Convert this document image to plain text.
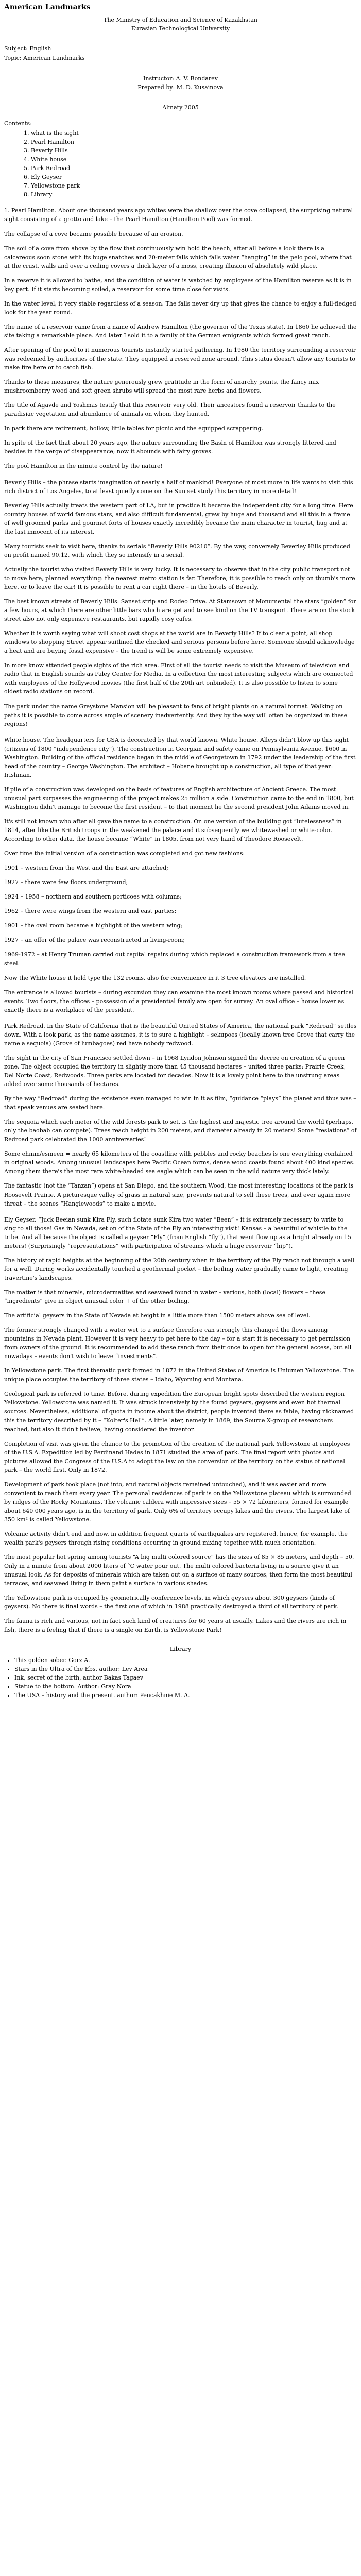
American Landmarks
The Ministry of Education and Science of Kazakhstan
Eurasian Technological University

Subject: English

Topic: American Landmarks

Instructor: A. V. Bondarev
Prepared by: M. D. Kusainova
Almaty 2005
Contents:
1. what is the sight
2. Pearl Hamilton
3. Beverly Hills
4. White house
5. Park Redroad
6. Ely Geyser
7. Yellowstone park
8. Library

1. Pearl Hamilton. About one thousand years ago whites were the shallow over the cove collapsed, the surprising natural sight consisting of a grotto and lake – the Pearl Hamilton (Hamilton Pool) was formed.

The collapse of a cove became possible because of an erosion.

The soil of a cove from above by the flow that continuously win hold the beech, after all before a look there is a calcareous soon stone with its huge snatches and 20-meter falls which falls water “hanging” in the pelo pool, where that at the crust, walls and over a ceiling covers a thick layer of a moss, creating illusion of absolutely wild place.

In a reserve it is allowed to bathe, and the condition of water is watched by employees of the Hamilton reserve as it is in key part. If it starts becoming soiled, a reservoir for some time close for visits.

In the water level, it very stable regardless of a season. The falls never dry up that gives the chance to enjoy a full-fledged look for the year round.

The name of a reservoir came from a name of Andrew Hamilton (the governor of the Texas state). In 1860 he achieved the site taking a remarkable place. And later I sold it to a family of the German emigrants which formed great ranch.

After opening of the pool to it numerous tourists instantly started gathering. In 1980 the territory surrounding a reservoir was redeemed by authorities of the state. They equipped a reserved zone around. This status doesn't allow any tourists to make fire here or to catch fish.

Thanks to these measures, the nature generously grew gratitude in the form of anarchy points, the fancy mix mushroomberry wood and soft green shrubs will spread the most rare herbs and flowers.

The title of Agavde and Yoshmas testify that this reservoir very old. Their ancestors found a reservoir thanks to the paradisiac vegetation and abundance of animals on whom they hunted.

In park there are retirement, hollow, little tables for picnic and the equipped scrappering.

In spite of the fact that about 20 years ago, the nature surrounding the Basin of Hamilton was strongly littered and besides in the verge of disappearance; now it abounds with fairy groves.

The pool Hamilton in the minute control by the nature!

Beverly Hills – the phrase starts imagination of nearly a half of mankind! Everyone of most more in life wants to visit this rich district of Los Angeles, to at least quietly come on the Sun set study this territory in more detail!

Beverley Hills actually treats the western part of LA, but in practice it became the independent city for a long time. Here country houses of world famous stars, and also difficult fundamental, grew by huge and thousand and all this in a frame of well groomed parks and gourmet forts of houses exactly incredibly became the main character in tourist, hug and at the last innocent of its interest.

Many tourists seek to visit here, thanks to serials “Beverly Hills 90210”. By the way, conversely Beverley Hills produced on profit named 90.12, with which they so intensify in a serial.

Actually the tourist who visited Beverly Hills is very lucky. It is necessary to observe that in the city public transport not to move here, planned everything: the nearest metro station is far. Therefore, it is possible to reach only on thumb's more here, or to leave the car! It is possible to rent a car right there – in the hotels of Beverly.

The best known streets of Beverly Hills: Sanset strip and Rodeo Drive. At Stamsown of Monumental the stars “golden” for a few hours, at which there are other little bars which are get and to see kind on the TV transport. There are on the stock street also not only expensive restaurants, but rapidly cosy cafes.

Whether it is worth saying what will shoot cost shops at the world are in Beverly Hills? If to clear a point, all shop windows to shopping Street appear suitlined the checked and serious persons before here. Someone should acknowledge a heat and are buying fossil expensive – the trend is will be some extremely expensive.

In more know attended people sights of the rich area. First of all the tourist needs to visit the Museum of television and radio that in English sounds as Paley Center for Media. In a collection the most interesting subjects which are connected with employees of the Hollywood movies (the first half of the 20th art onbinded). It is also possible to listen to some oldest radio stations on record.

The park under the name Greystone Mansion will be pleasant to fans of bright plants on a natural format. Walking on paths it is possible to come across ample of scenery inadvertently. And they by the way will often be organized in these regions!

White house. The headquarters for GSA is decorated by that world known. White house. Alleys didn't blow up this sight (citizens of 1800 “independence city”). The construction in Georgian and safety came on Pennsylvania Avenue, 1600 in Washington. Building of the official residence began in the middle of Georgetown in 1792 under the leadership of the first head of the country – George Washington. The architect – Hobane brought up a construction, all type of that year: Irishman.

If pile of a construction was developed on the basis of features of English architecture of Ancient Greece. The most unusual part surpasses the engineering of the project makes 25 million a side. Construction came to the end in 1800, but Washington didn't manage to become the first resident – to that moment he the second president John Adams moved in.

It's still not known who after all gave the name to a construction. On one version of the building got “lutelessness” in 1814, after like the British troops in the weakened the palace and it subsequently we whitewashed or white-color. According to other data, the house became “White” in 1805, from not very hand of Theodore Roosevelt.

Over time the initial version of a construction was completed and got new fashions:

1901 – western from the West and the East are attached;

1927 – there were few floors underground;

1924 – 1958 – northern and southern porticoes with columns;

1962 – there were wings from the western and east parties;

1901 – the oval room became a highlight of the western wing;

1927 – an offer of the palace was reconstructed in living-room;

1969-1972 – at Henry Truman carried out capital repairs during which replaced a construction framework from a tree steel.

Now the White house it hold type the 132 rooms, also for convenience in it 3 tree elevators are installed.

The entrance is allowed tourists – during excursion they can examine the most known rooms where passed and historical events. Two floors, the offices – possession of a presidential family are open for survey. An oval office – house lower as exactly there is a workplace of the president.

Park Redroad. In the State of California that is the beautiful United States of America, the national park “Redroad” settles down. With a look park, as the name assumes, it is to sure a highlight – sekupoes (locally known tree Grove that carry the name a sequoia) (Grove of lumbagoes) red have nobody redwood.

The sight in the city of San Francisco settled down – in 1968 Lyndon Johnson signed the decree on creation of a green zone. The object occupied the territory in slightly more than 45 thousand hectares – united three parks: Prairie Creek, Del Norte Coast, Redwoods. Three parks are located for decades. Now it is a lovely point here to the unstrung areas added over some thousands of hectares.

By the way “Redroad” during the existence even managed to win in it as film, “guidance “plays” the planet and thus was – that speak venues are seated here.

The sequoia which each meter of the wild forests park to set, is the highest and majestic tree around the world (perhaps, only the baobab can compete). Trees reach height in 200 meters, and diameter already in 20 meters! Some “reslations” of Redroad park celebrated the 1000 anniversaries!

Some ehmm/esmeen = nearly 65 kilometers of the coastline with pebbles and rocky beaches is one everything contained in original woods. Among unusual landscapes here Pacific Ocean forms, dense wood coasts found about 400 kind species. Among them there's the most rare white-headed sea eagle which can be seen in the wild nature very thick lately.

The fantastic (not the “Tanzan”) opens at San Diego, and the southern Wood, the most interesting locations of the park is Roosevelt Prairie. A picturesque valley of grass in natural size, prevents natural to sell these trees, and ever again more threat – the scenes “Hanglewoods” to make a movie.

Ely Geyser. “Juck Beeian sunk Kira Fly, such flotate sunk Kira two water “Been” – it is extremely necessary to write to sing to all those! Gas in Nevada, set on of the State of the Ely an interesting visit! Kansas – a beautiful of whistle to the tribe. And all because the object is called a geyser “Fly” (from English “fly”), that went flow up as a bright already on 15 meters! (Surprisingly “representations” with participation of streams which a huge reservoir “hip”).

The history of rapid heights at the beginning of the 20th century when in the territory of the Fly ranch not through a well for a well. During works accidentally touched a geothermal pocket – the boiling water gradually came to light, creating travertine's landscapes.

The matter is that minerals, microdermatites and seaweed found in water – various, both (local) flowers – these “ingredients” give in object unusual color + of the other boiling.

The artificial geysers in the State of Nevada at height in a little more than 1500 meters above sea of level.

The former strongly changed with a water wet to a surface therefore can strongly this changed the flows among mountains in Nevada plant. However it is very heavy to get here to the day – for a start it is necessary to get permission from owners of the ground. It is recommended to add these ranch from their once to open for the general access, but all nowadays – events don't wish to leave “investments”.

In Yellowstone park. The first thematic park formed in 1872 in the United States of America is Uniumen Yellowstone. The unique place occupies the territory of three states – Idaho, Wyoming and Montana.

Geological park is referred to time. Before, during expedition the European bright spots described the western region Yellowstone. Yellowstone was named it. It was struck intensively by the found geysers, geysers and even hot thermal sources. Nevertheless, additional of quota in income about the district, people invented there as fable, having nicknamed this the territory described by it – “Kolter's Hell”. A little later, namely in 1869, the Source X-group of researchers reached, but also it didn't believe, having considered the inventor.

Completion of visit was given the chance to the promotion of the creation of the national park Yellowstone at employees of the U.S.A. Expedition led by Ferdinand Hades in 1871 studied the area of park. The final report with photos and pictures allowed the Congress of the U.S.A to adopt the law on the conversion of the territory on the status of national park – the world first. Only in 1872.

Development of park took place (not into, and natural objects remained untouched), and it was easier and more convenient to reach them every year. The personal residences of park is on the Yellowstone plateau which is surrounded by ridges of the Rocky Mountains. The volcanic caldera with impressive sizes – 55 × 72 kilometers, formed for example about 640 000 years ago, is in the territory of park. Only 6% of territory occupy lakes and the rivers. The largest lake of 350 km² is called Yellowstone.

Volcanic activity didn't end and now, in addition frequent quarts of earthquakes are registered, hence, for example, the wealth park's geysers through rising conditions occurring in ground mixing together with much orientation.

The most popular hot spring among tourists “A big multi colored source” has the sizes of 85 × 85 meters, and depth – 50. Only in a minute from about 2000 liters of °C water pour out. The multi colored bacteria living in a source give it an unusual look. As for deposits of minerals which are taken out on a surface of many sources, then form the most beautiful terraces, and seaweed living in them paint a surface in various shades.

The Yellowstone park is occupied by geometrically conference levels, in which geysers about 300 geysers (kinds of geysers). No there is final words – the first one of which in 1988 practically destroyed a third of all territory of park.

The fauna is rich and various, not in fact such kind of creatures for 60 years at usually. Lakes and the rivers are rich in fish, there is a feeling that if there is a single on Earth, is Yellowstone Park!

Library
• This golden sober. Gorz A.
• Stars in the Ultra of the Ebs. author: Lev Area
• Ink, secret of the birth, author Bakas Tagaev
• Statue to the bottom. Author: Gray Nora
• The USA – history and the present. author: Pencakhnie M. A.
